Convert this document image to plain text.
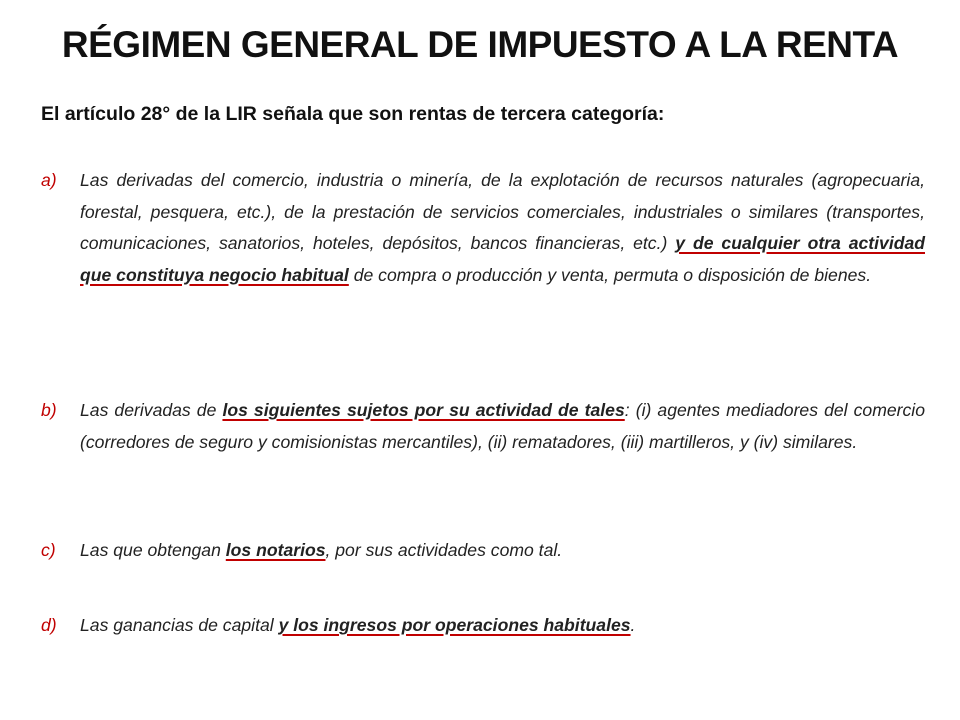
RÉGIMEN GENERAL DE IMPUESTO A LA RENTA

El artículo 28° de la LIR señala que son rentas de tercera categoría:

a) Las derivadas del comercio, industria o minería, de la explotación de recursos naturales (agropecuaria, forestal, pesquera, etc.), de la prestación de servicios comerciales, industriales o similares (transportes, comunicaciones, sanatorios, hoteles, depósitos, bancos financieras, etc.) y de cualquier otra actividad que constituya negocio habitual de compra o producción y venta, permuta o disposición de bienes.
b) Las derivadas de los siguientes sujetos por su actividad de tales: (i) agentes mediadores del comercio (corredores de seguro y comisionistas mercantiles), (ii) rematadores, (iii) martilleros, y (iv) similares.
c) Las que obtengan los notarios, por sus actividades como tal.
d) Las ganancias de capital y los ingresos por operaciones habituales.
